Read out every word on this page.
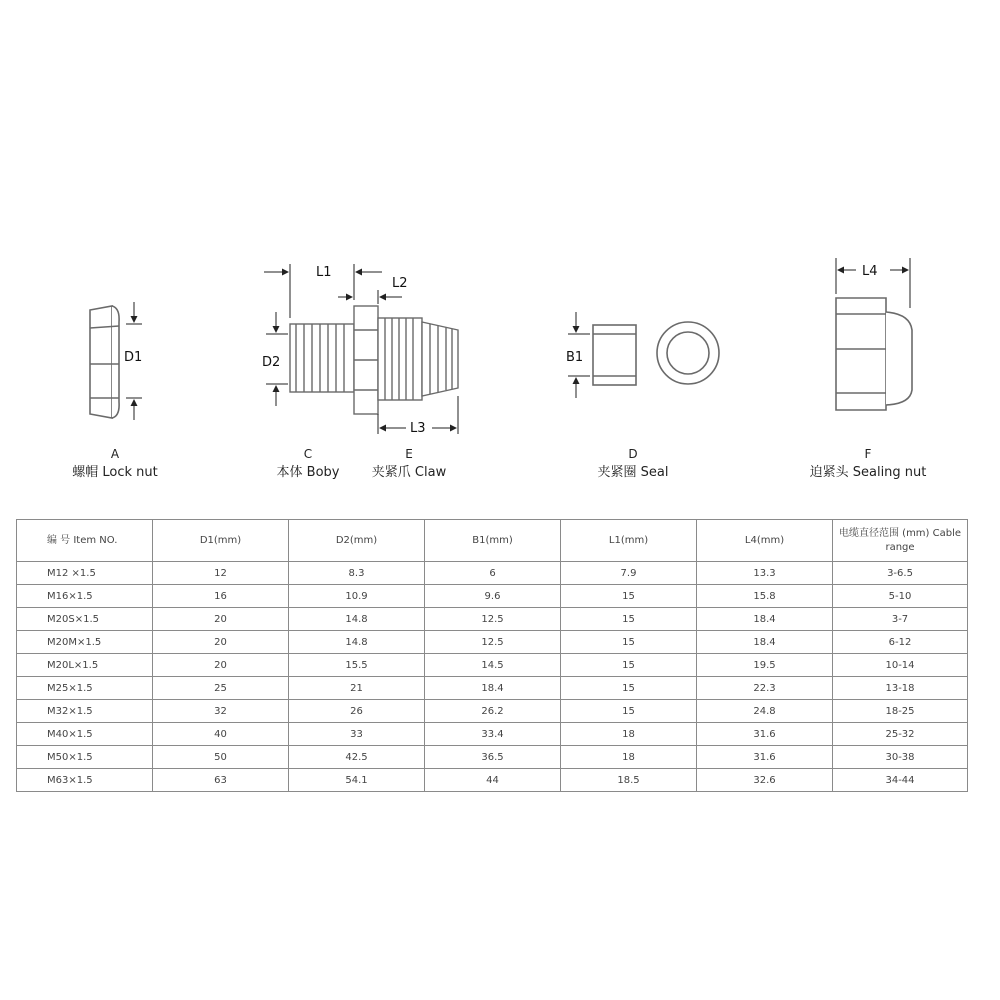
D1
L1
L2
D2
L3
B1
L4
A
螺帽 Lock nut
C
本体 Boby
E
夹紧爪 Claw
D
夹紧圈 Seal
F
迫紧头 Sealing nut
编 号 Item NO.	D1(mm)	D2(mm)	B1(mm)	L1(mm)	L4(mm)	电缆直径范围 (mm) Cable range
M12 ×1.5	12	8.3	6	7.9	13.3	3-6.5
M16×1.5	16	10.9	9.6	15	15.8	5-10
M20S×1.5	20	14.8	12.5	15	18.4	3-7
M20M×1.5	20	14.8	12.5	15	18.4	6-12
M20L×1.5	20	15.5	14.5	15	19.5	10-14
M25×1.5	25	21	18.4	15	22.3	13-18
M32×1.5	32	26	26.2	15	24.8	18-25
M40×1.5	40	33	33.4	18	31.6	25-32
M50×1.5	50	42.5	36.5	18	31.6	30-38
M63×1.5	63	54.1	44	18.5	32.6	34-44
